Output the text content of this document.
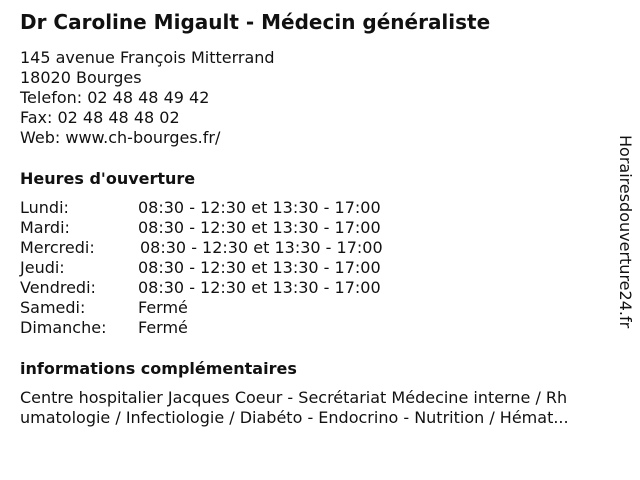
Dr Caroline Migault - Médecin généraliste
145 avenue François Mitterrand
18020 Bourges
Telefon: 02 48 48 49 42
Fax: 02 48 48 48 02
Web: www.ch-bourges.fr/
Heures d'ouverture
Lundi:	08:30 - 12:30 et 13:30 - 17:00
Mardi:	08:30 - 12:30 et 13:30 - 17:00
Mercredi:	08:30 - 12:30 et 13:30 - 17:00
Jeudi:	08:30 - 12:30 et 13:30 - 17:00
Vendredi:	08:30 - 12:30 et 13:30 - 17:00
Samedi:	Fermé
Dimanche:	Fermé
informations complémentaires
Centre hospitalier Jacques Coeur - Secrétariat Médecine interne / Rh
umatologie / Infectiologie / Diabéto - Endocrino - Nutrition / Hémat...
Horairesdouverture24.fr
